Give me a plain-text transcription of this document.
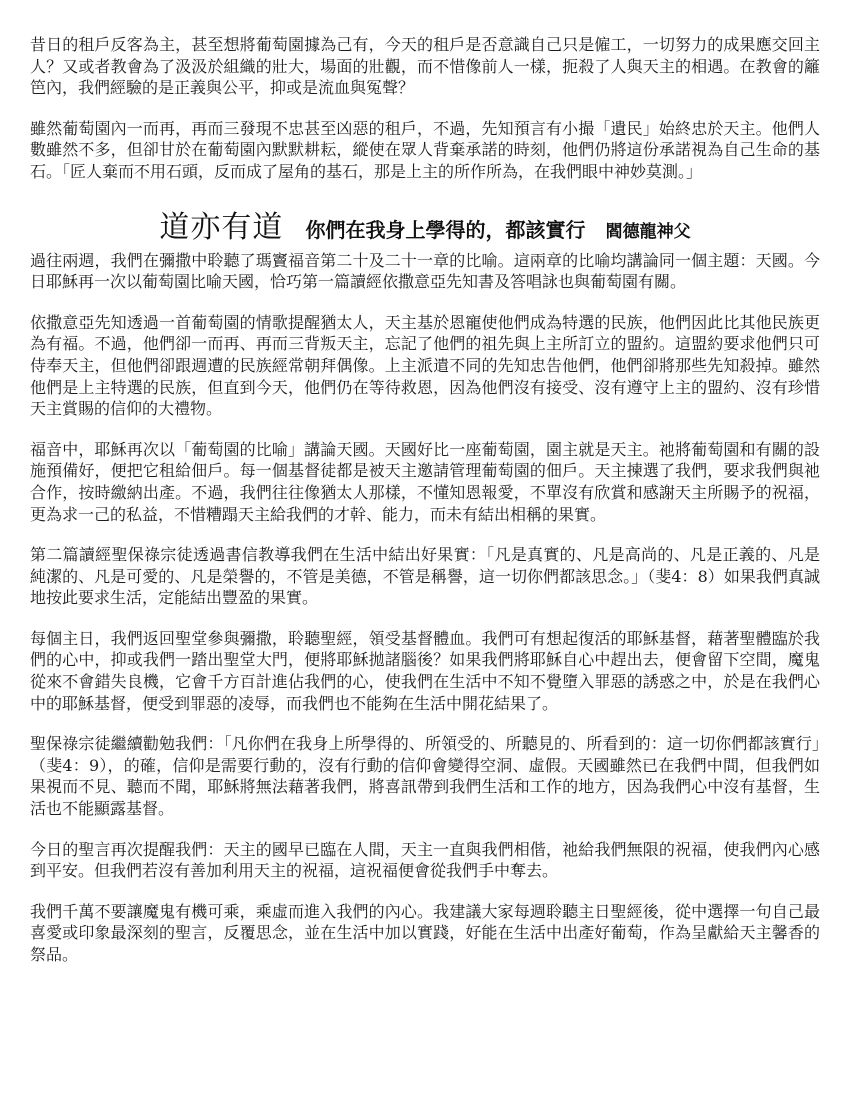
昔日的租戶反客為主，甚至想將葡萄園據為己有，今天的租戶是否意識自己只是僱工，一切努力的成果應交回主人？又或者教會為了汲汲於組織的壯大，場面的壯觀，而不惜像前人一樣，扼殺了人與天主的相遇。在教會的籬笆內，我們經驗的是正義與公平，抑或是流血與冤聲？

雖然葡萄園內一而再，再而三發現不忠甚至凶惡的租戶，不過，先知預言有小撮「遺民」始終忠於天主。他們人數雖然不多，但卻甘於在葡萄園內默默耕耘，縱使在眾人背棄承諾的時刻，他們仍將這份承諾視為自己生命的基石。「匠人棄而不用石頭，反而成了屋角的基石，那是上主的所作所為，在我們眼中神妙莫測。」

道亦有道 你們在我身上學得的，都該實行 閻德龍神父

過往兩週，我們在彌撒中聆聽了瑪竇福音第二十及二十一章的比喻。這兩章的比喻均講論同一個主題：天國。今日耶穌再一次以葡萄園比喻天國，恰巧第一篇讀經依撒意亞先知書及答唱詠也與葡萄園有關。

依撒意亞先知透過一首葡萄園的情歌提醒猶太人，天主基於恩寵使他們成為特選的民族，他們因此比其他民族更為有福。不過，他們卻一而再、再而三背叛天主，忘記了他們的祖先與上主所訂立的盟約。這盟約要求他們只可侍奉天主，但他們卻跟週遭的民族經常朝拜偶像。上主派遣不同的先知忠告他們，他們卻將那些先知殺掉。雖然他們是上主特選的民族，但直到今天，他們仍在等待救恩，因為他們沒有接受、沒有遵守上主的盟約、沒有珍惜天主賞賜的信仰的大禮物。

福音中，耶穌再次以「葡萄園的比喻」講論天國。天國好比一座葡萄園，園主就是天主。祂將葡萄園和有關的設施預備好，便把它租給佃戶。每一個基督徒都是被天主邀請管理葡萄園的佃戶。天主揀選了我們，要求我們與祂合作，按時繳納出產。不過，我們往往像猶太人那樣，不懂知恩報愛，不單沒有欣賞和感謝天主所賜予的祝福，更為求一己的私益，不惜糟蹋天主給我們的才幹、能力，而未有結出相稱的果實。

第二篇讀經聖保祿宗徒透過書信教導我們在生活中結出好果實：「凡是真實的、凡是高尚的、凡是正義的、凡是純潔的、凡是可愛的、凡是榮譽的，不管是美德，不管是稱譽，這一切你們都該思念。」（斐4：8）如果我們真誠地按此要求生活，定能結出豐盈的果實。

每個主日，我們返回聖堂參與彌撒，聆聽聖經，領受基督體血。我們可有想起復活的耶穌基督，藉著聖體臨於我們的心中，抑或我們一踏出聖堂大門，便將耶穌拋諸腦後？如果我們將耶穌自心中趕出去，便會留下空間，魔鬼從來不會錯失良機，它會千方百計進佔我們的心，使我們在生活中不知不覺墮入罪惡的誘惑之中，於是在我們心中的耶穌基督，便受到罪惡的凌辱，而我們也不能夠在生活中開花結果了。

聖保祿宗徒繼續勸勉我們：「凡你們在我身上所學得的、所領受的、所聽見的、所看到的：這一切你們都該實行」（斐4：9），的確，信仰是需要行動的，沒有行動的信仰會變得空洞、虛假。天國雖然已在我們中間，但我們如果視而不見、聽而不聞，耶穌將無法藉著我們，將喜訊帶到我們生活和工作的地方，因為我們心中沒有基督，生活也不能顯露基督。

今日的聖言再次提醒我們：天主的國早已臨在人間，天主一直與我們相偕，祂給我們無限的祝福，使我們內心感到平安。但我們若沒有善加利用天主的祝福，這祝福便會從我們手中奪去。

我們千萬不要讓魔鬼有機可乘，乘虛而進入我們的內心。我建議大家每週聆聽主日聖經後，從中選擇一句自己最喜愛或印象最深刻的聖言，反覆思念，並在生活中加以實踐，好能在生活中出產好葡萄，作為呈獻給天主馨香的祭品。
